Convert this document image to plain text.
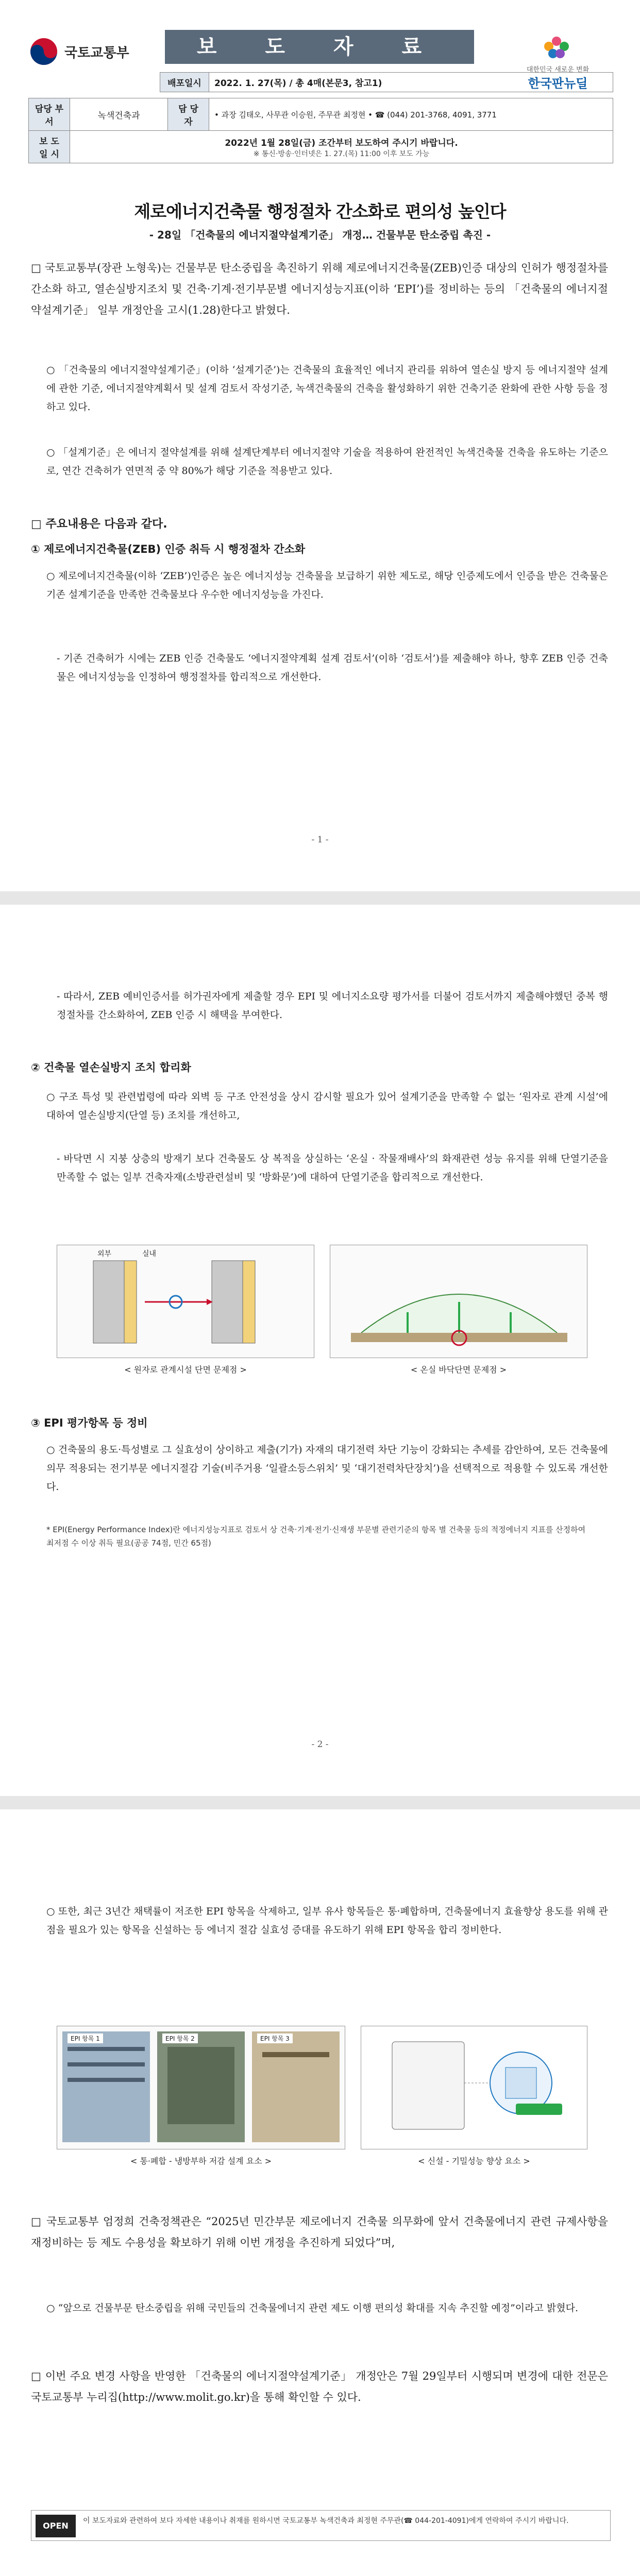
국토교통부	보 도 자 료
대한민국 새로운 변화
한국판뉴딜
배포일시	2022. 1. 27(목) / 총 4매(본문3, 참고1)
담당 부서	녹색건축과	담 당 자	• 과장 김태오, 사무관 이승원, 주무관 최정현 • ☎ (044) 201-3768, 4091, 3771
보 도 일 시	2022년 1월 28일(금) 조간부터 보도하여 주시기 바랍니다.
※ 통신·방송·인터넷은 1. 27.(목) 11:00 이후 보도 가능		
제로에너지건축물 행정절차 간소화로 편의성 높인다
- 28일 「건축물의 에너지절약설계기준」 개정… 건물부문 탄소중립 촉진 -
□ 국토교통부(장관 노형욱)는 건물부문 탄소중립을 촉진하기 위해 제로에너지건축물(ZEB)인증 대상의 인허가 행정절차를 간소화 하고, 열손실방지조치 및 건축·기계·전기부문별 에너지성능지표(이하 ‘EPI’)를 정비하는 등의 「건축물의 에너지절약설계기준」 일부 개정안을 고시(1.28)한다고 밝혔다.
○ 「건축물의 에너지절약설계기준」(이하 ‘설계기준’)는 건축물의 효율적인 에너지 관리를 위하여 열손실 방지 등 에너지절약 설계에 관한 기준, 에너지절약계획서 및 설계 검토서 작성기준, 녹색건축물의 건축을 활성화하기 위한 건축기준 완화에 관한 사항 등을 정하고 있다.
○ 「설계기준」은 에너지 절약설계를 위해 설계단계부터 에너지절약 기술을 적용하여 완전적인 녹색건축물 건축을 유도하는 기준으로, 연간 건축허가 연면적 중 약 80%가 해당 기준을 적용받고 있다.
□ 주요내용은 다음과 같다.
① 제로에너지건축물(ZEB) 인증 취득 시 행정절차 간소화
○ 제로에너지건축물(이하 ‘ZEB’)인증은 높은 에너지성능 건축물을 보급하기 위한 제도로, 해당 인증제도에서 인증을 받은 건축물은 기존 설계기준을 만족한 건축물보다 우수한 에너지성능을 가진다.
- 기존 건축허가 시에는 ZEB 인증 건축물도 ‘에너지절약계획 설계 검토서’(이하 ‘검토서’)를 제출해야 하나, 향후 ZEB 인증 건축물은 에너지성능을 인정하여 행정절차를 합리적으로 개선한다.
- 1 -
- 따라서, ZEB 예비인증서를 허가권자에게 제출할 경우 EPI 및 에너지소요량 평가서를 더불어 검토서까지 제출해야했던 중복 행정절차를 간소화하여, ZEB 인증 시 해택을 부여한다.
② 건축물 열손실방지 조치 합리화
○ 구조 특성 및 관련법령에 따라 외벽 등 구조 안전성을 상시 감시할 필요가 있어 설계기준을 만족할 수 없는 ‘원자로 관계 시설’에 대하여 열손실방지(단열 등) 조치를 개선하고,
- 바닥면 시 지붕 상층의 방재기 보다 건축물도 상 복적을 상실하는 ‘온실 · 작물재배사’의 화재관련 성능 유지를 위해 단열기준을 만족할 수 없는 일부 건축자재(소방관련설비 및 ‘방화문’)에 대하여 단열기준을 합리적으로 개선한다.
외부	실내
< 원자로 관계시설 단면 문제점 >	< 온실 바닥단면 문제점 >
③ EPI 평가항목 등 정비
○ 건축물의 용도·특성별로 그 실효성이 상이하고 제출(기가) 자재의 대기전력 차단 기능이 강화되는 추세를 감안하여, 모든 건축물에 의무 적용되는 전기부문 에너지절감 기술(비주거용 ‘일괄소등스위치’ 및 ‘대기전력차단장치’)을 선택적으로 적용할 수 있도록 개선한다.
* EPI(Energy Performance Index)란 에너지성능지표로 검토서 상 건축·기계·전기·신재생 부문별 관련기준의 항목 별 건축물 등의 적정에너지 지표를 산정하여 최저점 수 이상 취득 필요(공공 74점, 민간 65점)
- 2 -
○ 또한, 최근 3년간 채택률이 저조한 EPI 항목을 삭제하고, 일부 유사 항목들은 통·폐합하며, 건축물에너지 효율향상 용도를 위해 관점을 필요가 있는 항목을 신설하는 등 에너지 절감 실효성 증대를 유도하기 위해 EPI 항목을 합리 정비한다.
EPI 항목 1	EPI 항목 2	EPI 항목 3
< 통·폐합 - 냉방부하 저감 설계 요소 >	< 신설 - 기밀성능 향상 요소 >
□ 국토교통부 엄정희 건축정책관은 “2025년 민간부문 제로에너지 건축물 의무화에 앞서 건축물에너지 관련 규제사항을 재정비하는 등 제도 수용성을 확보하기 위해 이번 개정을 추진하게 되었다”며,
○ “앞으로 건물부문 탄소중립을 위해 국민들의 건축물에너지 관련 제도 이행 편의성 확대를 지속 추진할 예정”이라고 밝혔다.
□ 이번 주요 변경 사항을 반영한 「건축물의 에너지절약설계기준」 개정안은 7월 29일부터 시행되며 변경에 대한 전문은 국토교통부 누리집(http://www.molit.go.kr)을 통해 확인할 수 있다.
OPEN	이 보도자료와 관련하여 보다 자세한 내용이나 취재를 원하시면 국토교통부 녹색건축과 최정현 주무관(☎ 044-201-4091)에게 연락하여 주시기 바랍니다.
